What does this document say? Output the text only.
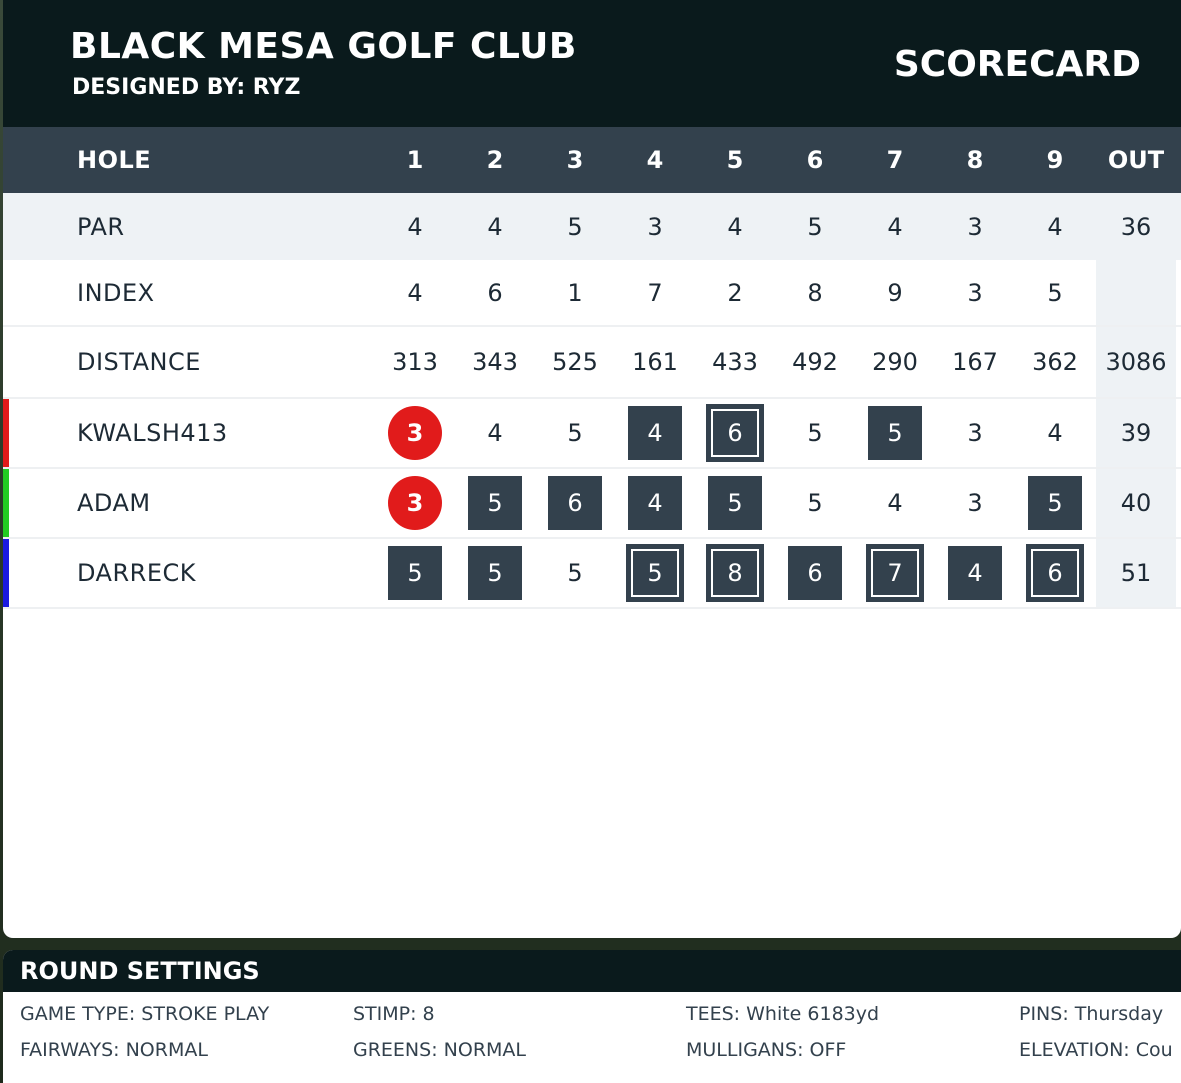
BLACK MESA GOLF CLUB
DESIGNED BY: RYZ
SCORECARD
HOLE	1	2	3	4	5	6	7	8	9	OUT
PAR	4	4	5	3	4	5	4	3	4	36
INDEX	4	6	1	7	2	8	9	3	5
DISTANCE	313	343	525	161	433	492	290	167	362	3086
KWALSH413	3	4	5	4	6	5	5	3	4	39
ADAM	3	5	6	4	5	5	4	3	5	40
DARRECK	5	5	5	5	8	6	7	4	6	51
ROUND SETTINGS
GAME TYPE: STROKE PLAY	STIMP: 8	TEES: White 6183yd	PINS: Thursday
FAIRWAYS: NORMAL	GREENS: NORMAL	MULLIGANS: OFF	ELEVATION: Cou
